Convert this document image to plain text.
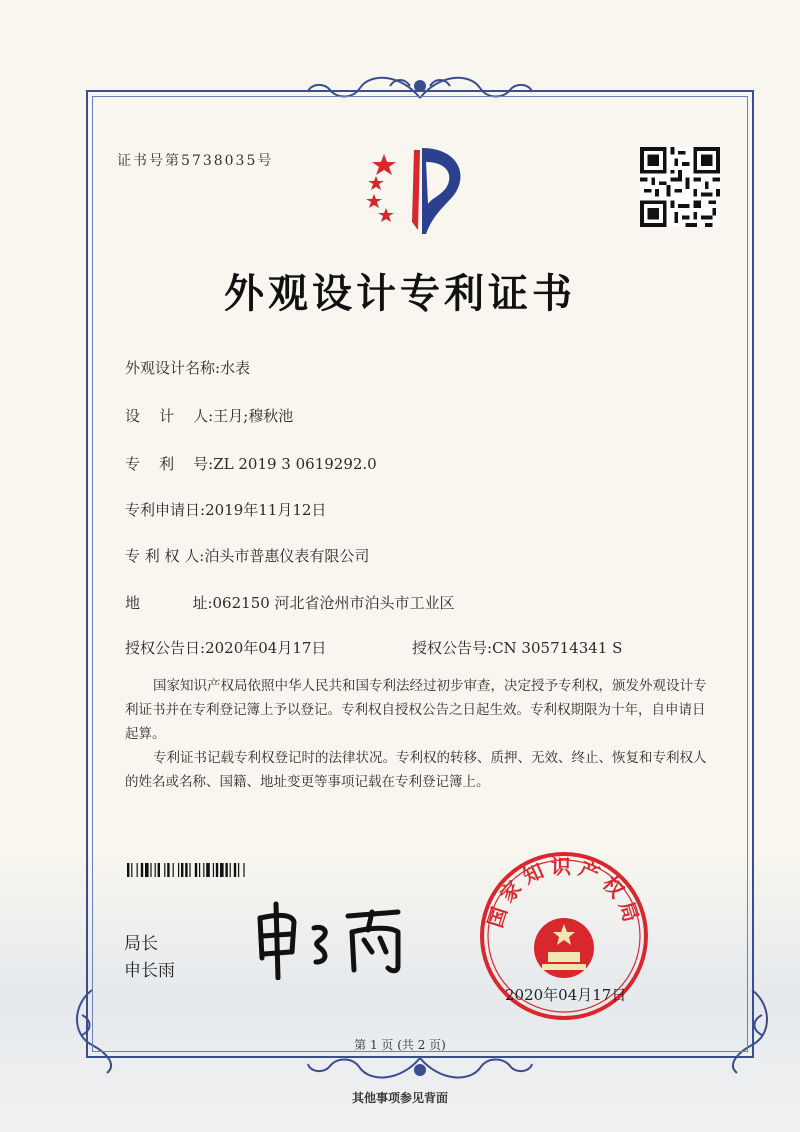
证书号第5738035号
外观设计专利证书
外观设计名称:水表
设    计    人:王月;穆秋池
专    利    号:ZL 2019 3 0619292.0
专利申请日:2019年11月12日
专 利 权 人:泊头市普惠仪表有限公司
地           址:062150 河北省沧州市泊头市工业区
授权公告日:2020年04月17日	授权公告号:CN 305714341 S
国家知识产权局依照中华人民共和国专利法经过初步审查，决定授予专利权，颁发外观设计专利证书并在专利登记簿上予以登记。专利权自授权公告之日起生效。专利权期限为十年，自申请日起算。
专利证书记载专利权登记时的法律状况。专利权的转移、质押、无效、终止、恢复和专利权人的姓名或名称、国籍、地址变更等事项记载在专利登记簿上。
局长
申长雨
国家知识产权局
2020年04月17日
第 1 页 (共 2 页)
其他事项参见背面
